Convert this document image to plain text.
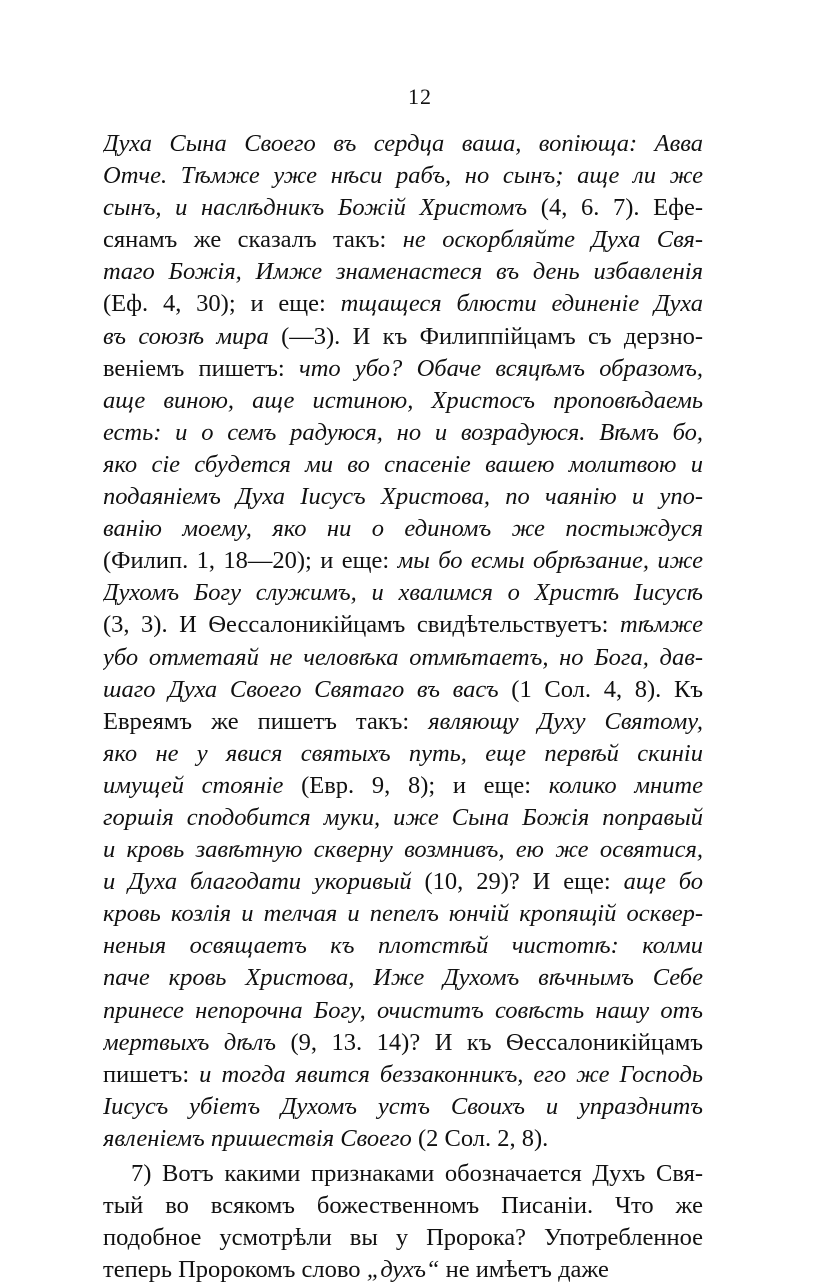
12
Духа Сына Своего въ сердца ваша, вопіюща: Авва
Отче. Тѣмже уже нѣси рабъ, но сынъ; аще ли же
сынъ, и наслѣдникъ Божій Христомъ (4, 6. 7). Ефе-
сянамъ же сказалъ такъ: не оскорбляйте Духа Свя-
тaго Божія, Имже знаменастеся въ день избавленія
(Еф. 4, 30); и еще: тщащеся блюсти единеніе Духа
въ союзѣ мира (—3). И къ Филиппійцамъ съ дерзно-
веніемъ пишетъ: что убо? Обаче всяцѣмъ образомъ,
аще виною, аще истиною, Христосъ проповѣдаемь
есть: и о семъ радуюся, но и возрадуюся. Вѣмъ бо,
яко сіе сбудется ми во спасеніе вашею молитвою и
подаяніемъ Духа Іисусъ Христова, по чаянію и упо-
ванію моему, яко ни о единомъ же постыждуся
(Филип. 1, 18—20); и еще: мы бо есмы обрѣзание, иже
Духомъ Богу служимъ, и хвалимся о Христѣ Іисусѣ
(3, 3). И Ѳессалоникійцамъ свидѣтельствуетъ: тѣмже
убо отметаяй не человѣка отмѣтаетъ, но Бога, дав-
шаго Духа Своего Святаго въ васъ (1 Сол. 4, 8). Къ
Евреямъ же пишетъ такъ: являющу Духу Святому,
яко не у явися святыхъ путь, еще первѣй скиніи
имущей стояніе (Евр. 9, 8); и еще: колико мните
горшія сподобится муки, иже Сына Божія поправый
и кровь завѣтную скверну возмнивъ, ею же освятися,
и Духа благодати укоривый (10, 29)? И еще: аще бо
кровь козлія и телчая и пепелъ юнчій кропящій осквер-
неныя освящаетъ къ плотстѣй чистотѣ: колми
паче кровь Христова, Иже Духомъ вѣчнымъ Себе
принесе непорочна Богу, очиститъ совѣсть нашу отъ
мертвыхъ дѣлъ (9, 13. 14)? И къ Ѳессалоникійцамъ
пишетъ: и тогда явится беззаконникъ, его же Господь
Іисусъ убіетъ Духомъ устъ Своихъ и упразднитъ
явленіемъ пришествія Своего (2 Сол. 2, 8).
7) Вотъ какими признаками обозначается Духъ Свя-
тый во всякомъ божественномъ Писаніи. Что же
подобное усмотрѣли вы у Пророка? Употребленное
теперь Пророкомъ слово „духъ“ не имѣетъ даже
